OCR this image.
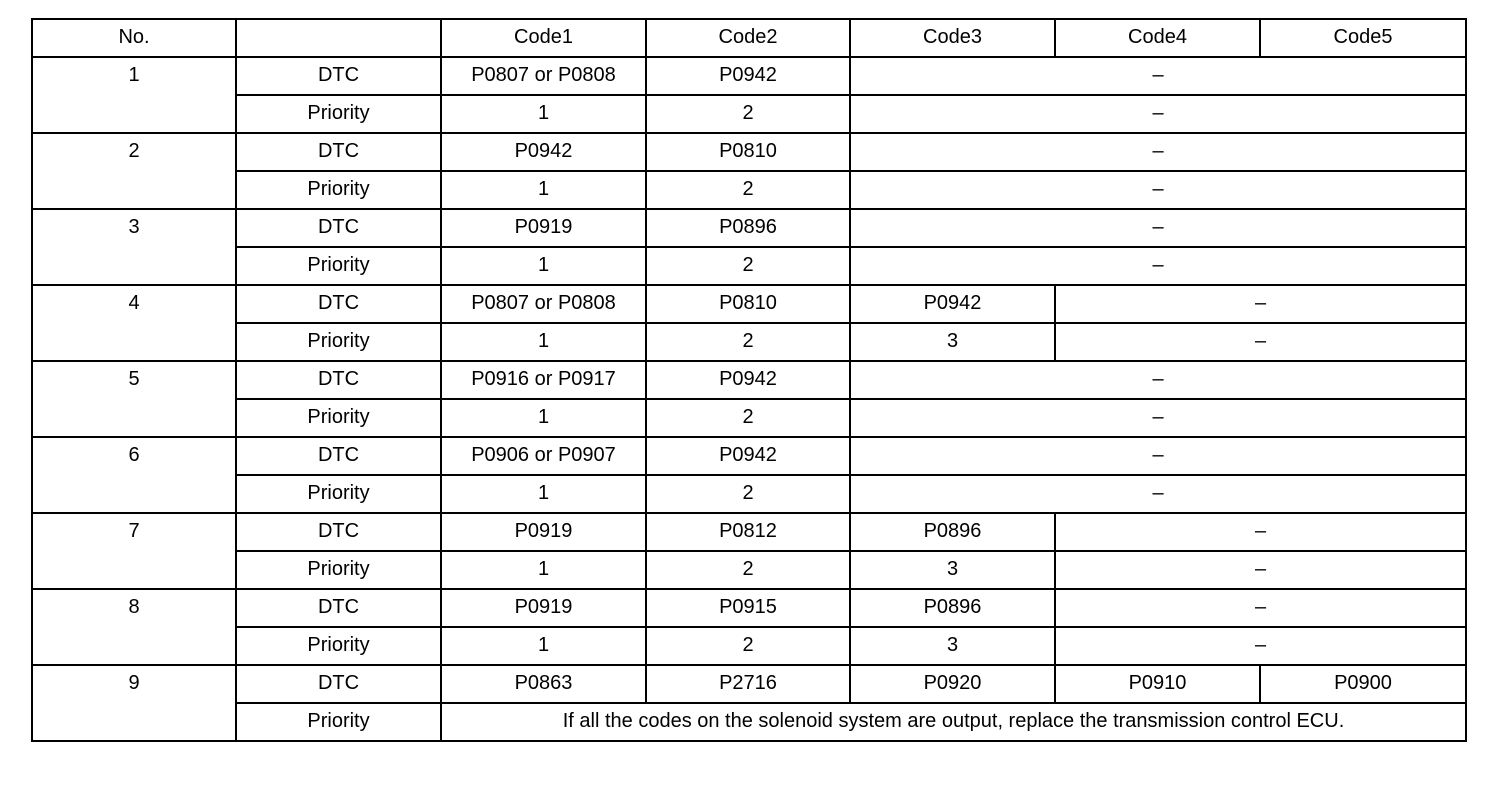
No.		Code1	Code2	Code3	Code4	Code5
1	DTC	P0807 or P0808	P0942	–		
	Priority	1	2	–		
2	DTC	P0942	P0810	–		
	Priority	1	2	–		
3	DTC	P0919	P0896	–		
	Priority	1	2	–		
4	DTC	P0807 or P0808	P0810	P0942	–	
	Priority	1	2	3	–	
5	DTC	P0916 or P0917	P0942	–		
	Priority	1	2	–		
6	DTC	P0906 or P0907	P0942	–		
	Priority	1	2	–		
7	DTC	P0919	P0812	P0896	–	
	Priority	1	2	3	–	
8	DTC	P0919	P0915	P0896	–	
	Priority	1	2	3	–	
9	DTC	P0863	P2716	P0920	P0910	P0900
	Priority	If all the codes on the solenoid system are output, replace the transmission control ECU.				
